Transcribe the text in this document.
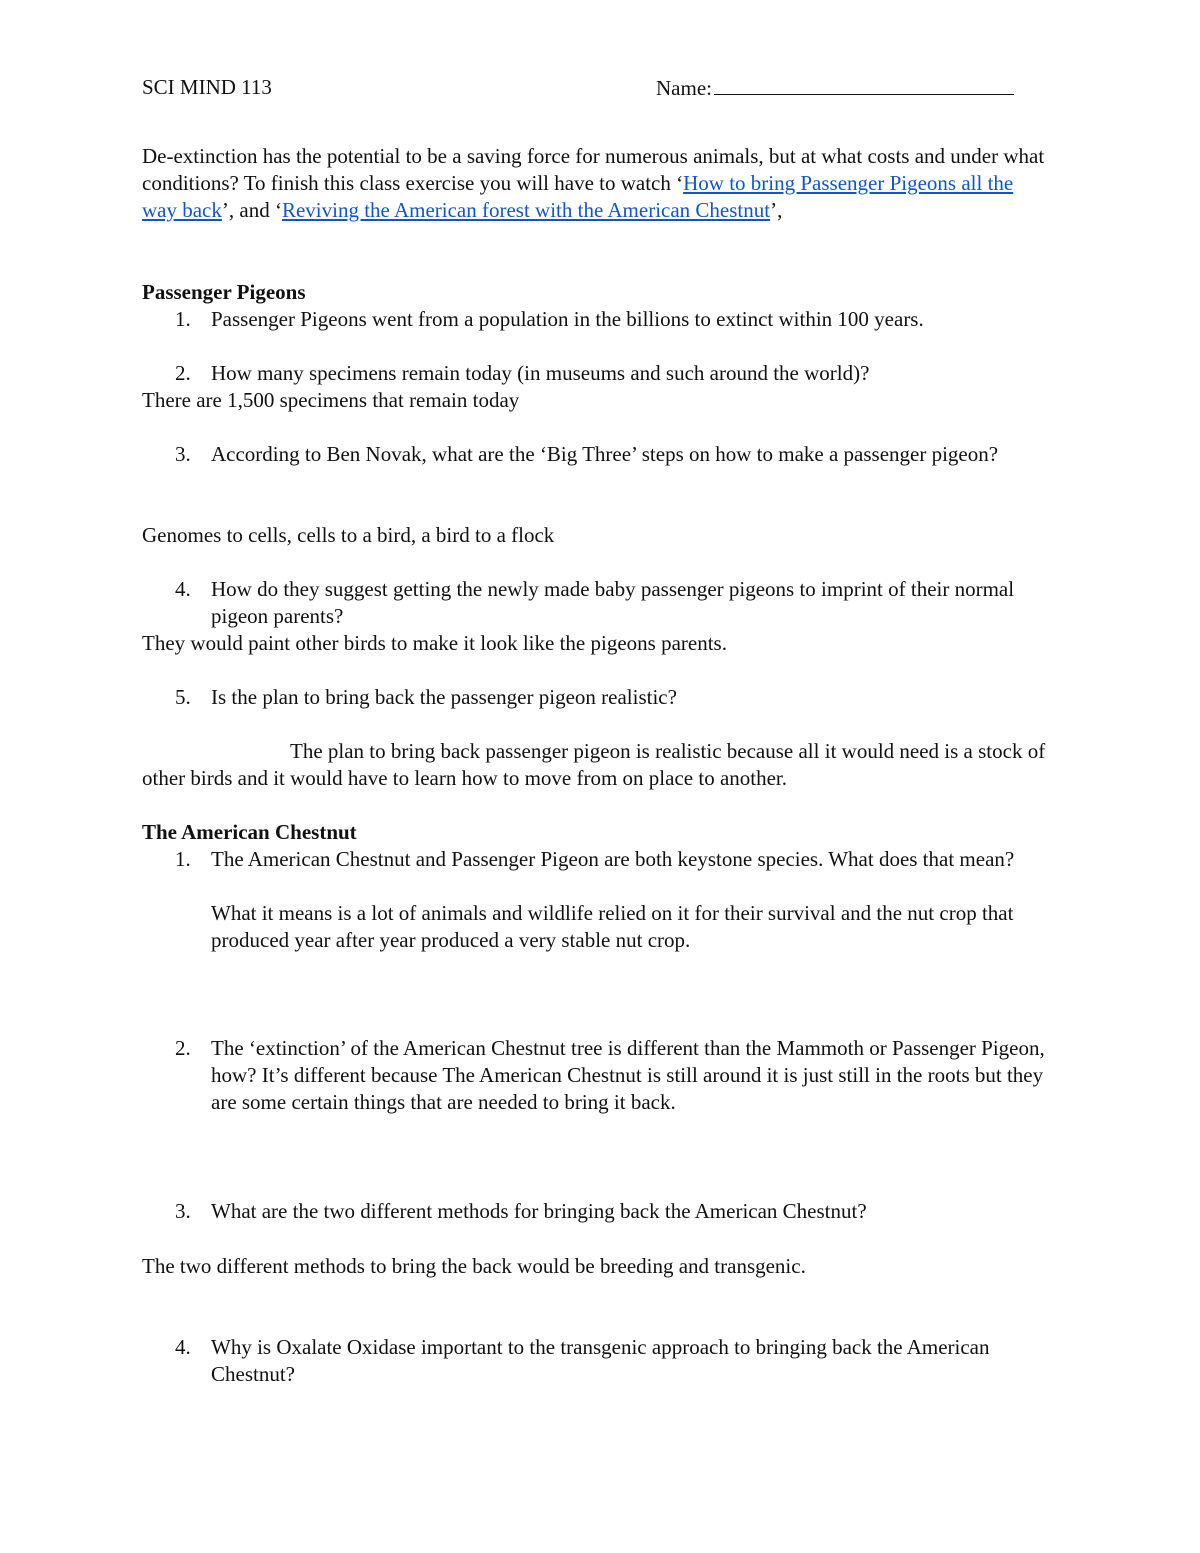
SCI MIND 113	Name:
De-extinction has the potential to be a saving force for numerous animals, but at what costs and under what conditions? To finish this class exercise you will have to watch ‘How to bring Passenger Pigeons all the way back’, and ‘Reviving the American forest with the American Chestnut’,
Passenger Pigeons
1. Passenger Pigeons went from a population in the billions to extinct within 100 years.
2. How many specimens remain today (in museums and such around the world)?
There are 1,500 specimens that remain today
3. According to Ben Novak, what are the ‘Big Three’ steps on how to make a passenger pigeon?
Genomes to cells, cells to a bird, a bird to a flock
4. How do they suggest getting the newly made baby passenger pigeons to imprint of their normal pigeon parents?
They would paint other birds to make it look like the pigeons parents.
5. Is the plan to bring back the passenger pigeon realistic?
The plan to bring back passenger pigeon is realistic because all it would need is a stock of other birds and it would have to learn how to move from on place to another.
The American Chestnut
1. The American Chestnut and Passenger Pigeon are both keystone species. What does that mean?
What it means is a lot of animals and wildlife relied on it for their survival and the nut crop that produced year after year produced a very stable nut crop.
2. The ‘extinction’ of the American Chestnut tree is different than the Mammoth or Passenger Pigeon, how? It’s different because The American Chestnut is still around it is just still in the roots but they are some certain things that are needed to bring it back.
3. What are the two different methods for bringing back the American Chestnut?
The two different methods to bring the back would be breeding and transgenic.
4. Why is Oxalate Oxidase important to the transgenic approach to bringing back the American Chestnut?
